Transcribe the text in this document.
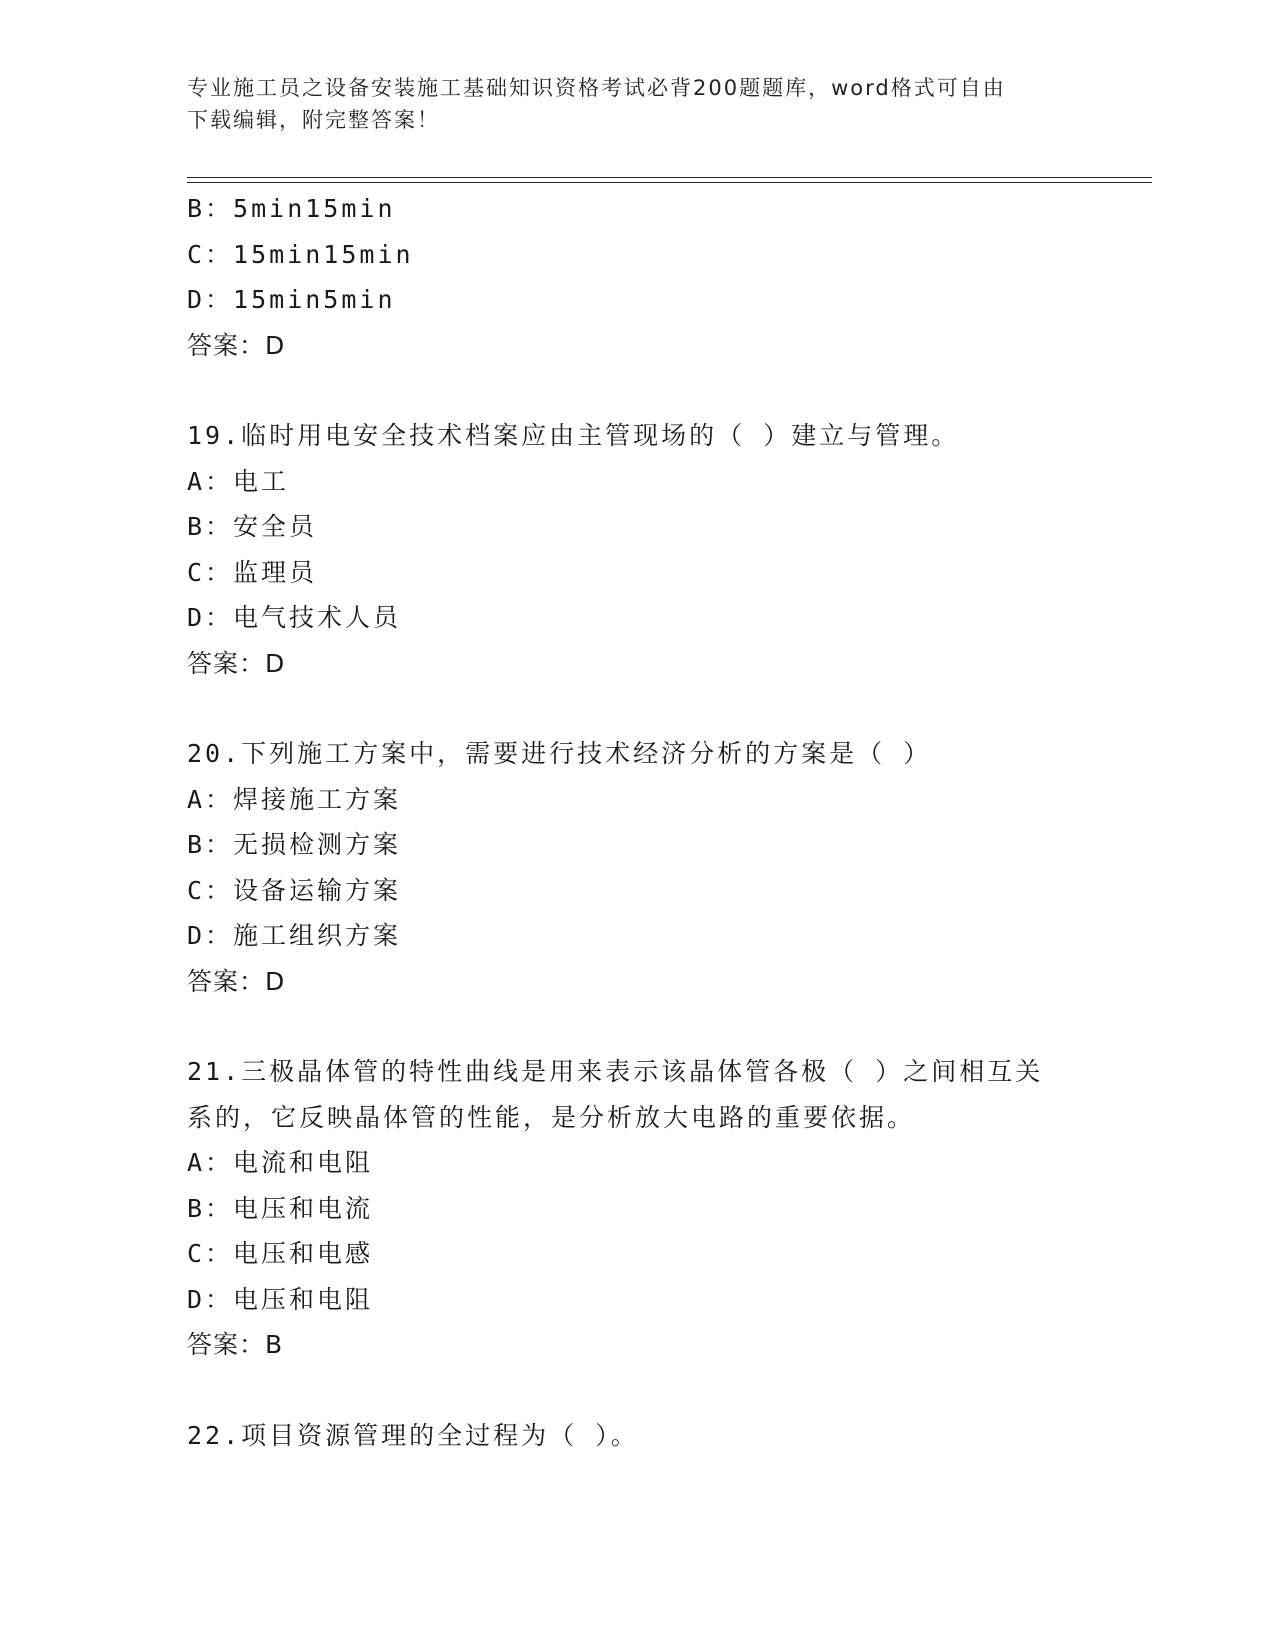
专业施工员之设备安装施工基础知识资格考试必背200题题库，word格式可自由
下载编辑，附完整答案！
B：5min15min
C：15min15min
D：15min5min
答案：D
19.临时用电安全技术档案应由主管现场的（ ）建立与管理。
A：电工
B：安全员
C：监理员
D：电气技术人员
答案：D
20.下列施工方案中，需要进行技术经济分析的方案是（ ）
A：焊接施工方案
B：无损检测方案
C：设备运输方案
D：施工组织方案
答案：D
21.三极晶体管的特性曲线是用来表示该晶体管各极（ ）之间相互关
系的，它反映晶体管的性能，是分析放大电路的重要依据。
A：电流和电阻
B：电压和电流
C：电压和电感
D：电压和电阻
答案：B
22.项目资源管理的全过程为（ ）。
